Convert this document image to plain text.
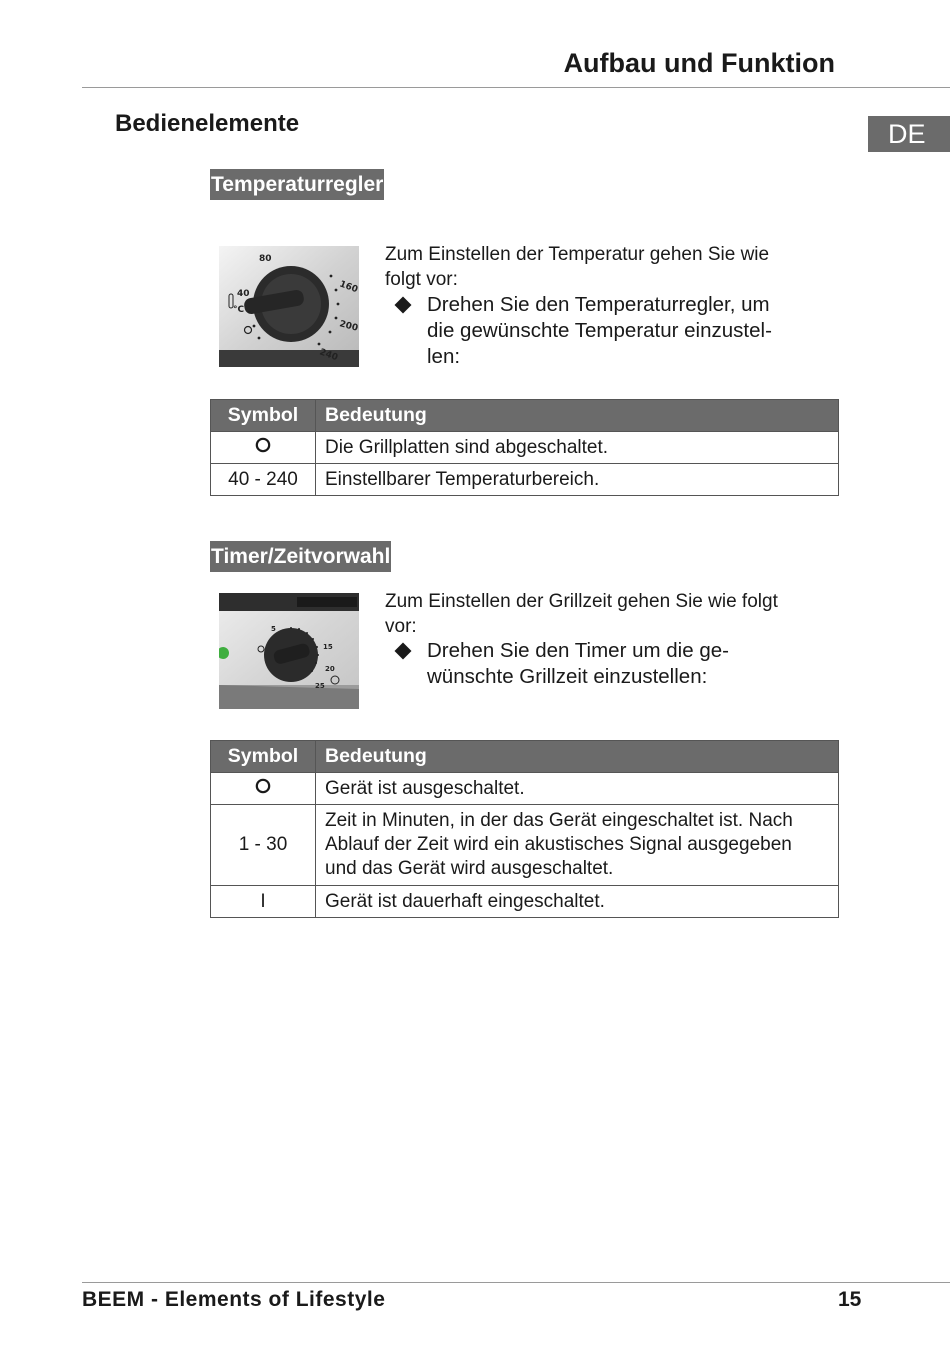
Aufbau und Funktion
Bedienelemente	DE
Temperaturregler
80
160
40
°C
200
240
Zum Einstellen der Temperatur gehen Sie wie
folgt vor:
Drehen Sie den Temperaturregler, um
die gewünschte Temperatur einzustel-
len:
Symbol	Bedeutung
	Die Grillplatten sind abgeschaltet.
40 - 240	Einstellbarer Temperaturbereich.
Timer/Zeitvorwahl
5
15
20
25
Zum Einstellen der Grillzeit gehen Sie wie folgt
vor:
Drehen Sie den Timer um die ge-
wünschte Grillzeit einzustellen:
Symbol	Bedeutung
	Gerät ist ausgeschaltet.
1 - 30	Zeit in Minuten, in der das Gerät eingeschaltet ist. Nach
Ablauf der Zeit wird ein akustisches Signal ausgegeben
und das Gerät wird ausgeschaltet.

I	Gerät ist dauerhaft eingeschaltet.
BEEM - Elements of Lifestyle	15
